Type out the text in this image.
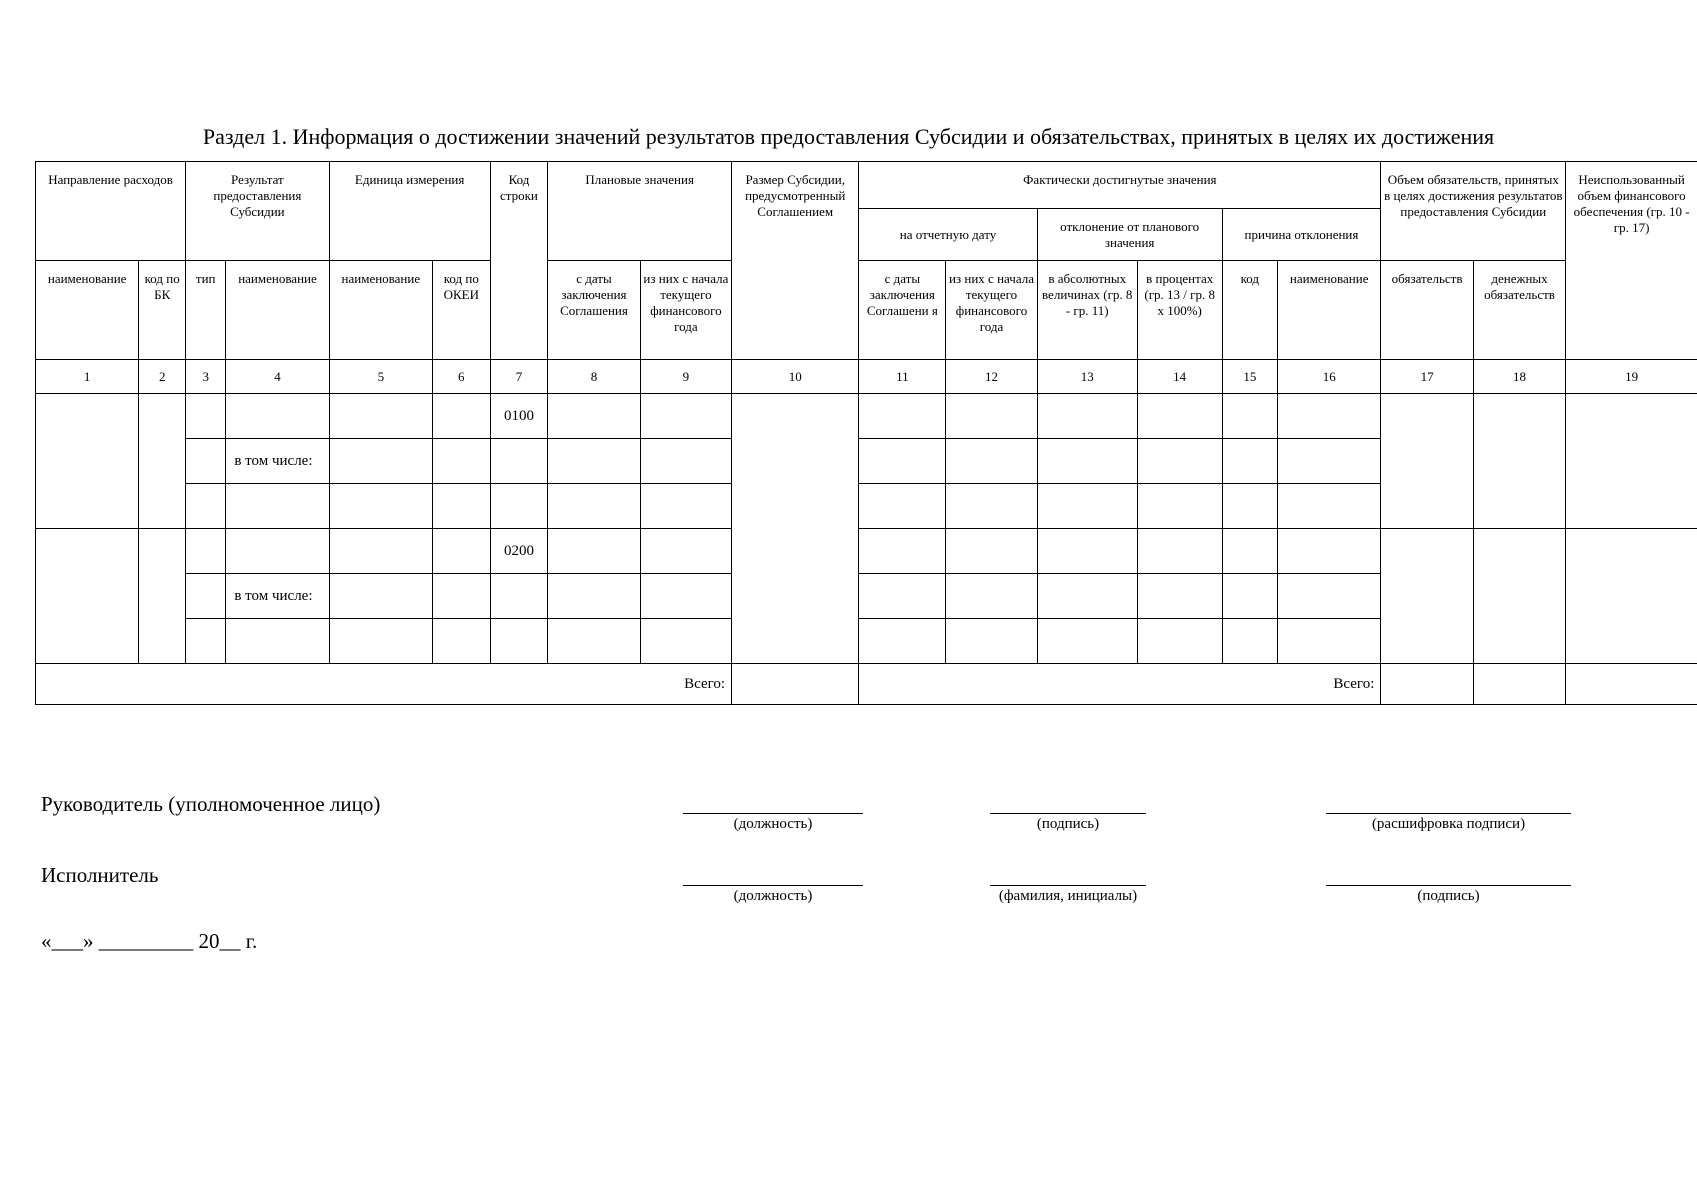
Раздел 1. Информация о достижении значений результатов предоставления Субсидии и обязательствах, принятых в целях их достижения
Направление расходов		Результат предоставления Субсидии		Единица измерения		Код строки	Плановые значения		Размер Субсидии, предусмотренный Соглашением	Фактически достигнутые значения						Объем обязательств, принятых в целях достижения результатов предоставления Субсидии		Неиспользованный объем финансового обеспечения (гр. 10 - гр. 17)
										на отчетную дату		отклонение от планового значения		причина отклонения				
наименование	код по БК	тип	наименование	наименование	код по ОКЕИ		с даты заключения Соглашения	из них с начала текущего финансового года		с даты заключения Соглашени я	из них с начала текущего финансового года	в абсолютных величинах (гр. 8 - гр. 11)	в процентах (гр. 13 / гр. 8 х 100%)	код	наименование	обязательств	денежных обязательств	
1	2	3	4	5	6	7	8	9	10	11	12	13	14	15	16	17	18	19
						0100												
			в том числе:															

						0200												
			в том числе:															

Всего:										Всего:								
Руководитель (уполномоченное лицо)
(должность)	(подпись)	(расшифровка подписи)
Исполнитель
(должность)	(фамилия, инициалы)	(подпись)
«___» _________ 20__ г.
